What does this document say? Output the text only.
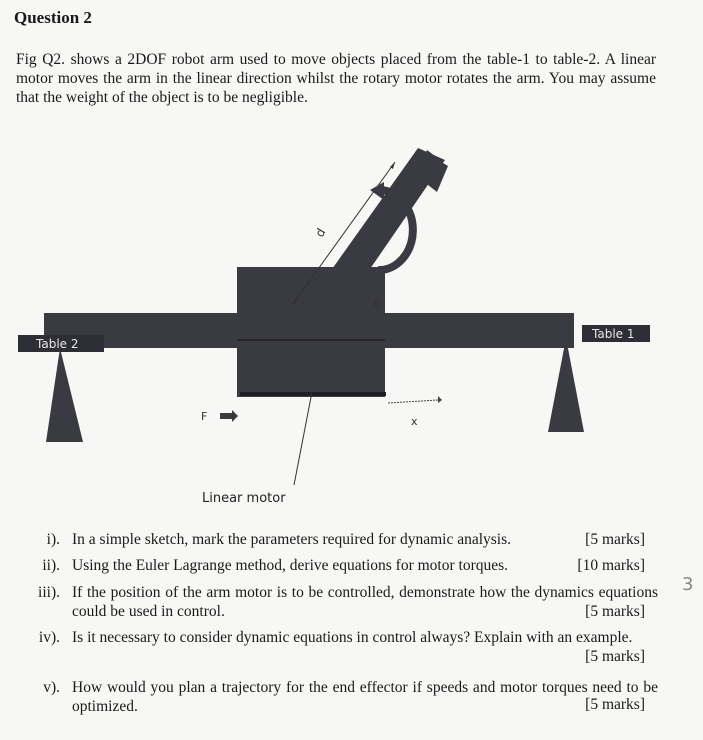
Question 2
Fig Q2. shows a 2DOF robot arm used to move objects placed from the table-1 to table-2. A linear motor moves the arm in the linear direction whilst the rotary motor rotates the arm. You may assume that the weight of the object is to be negligible.
d
θ
Table 2
Table 1
F	x
Linear motor
i). In a simple sketch, mark the parameters required for dynamic analysis.	[5 marks]
ii). Using the Euler Lagrange method, derive equations for motor torques.	[10 marks]
iii). If the position of the arm motor is to be controlled, demonstrate how the dynamics equations could be used in control.	[5 marks]
iv). Is it necessary to consider dynamic equations in control always? Explain with an example.
[5 marks]
v). How would you plan a trajectory for the end effector if speeds and motor torques need to be optimized.	[5 marks]
3
